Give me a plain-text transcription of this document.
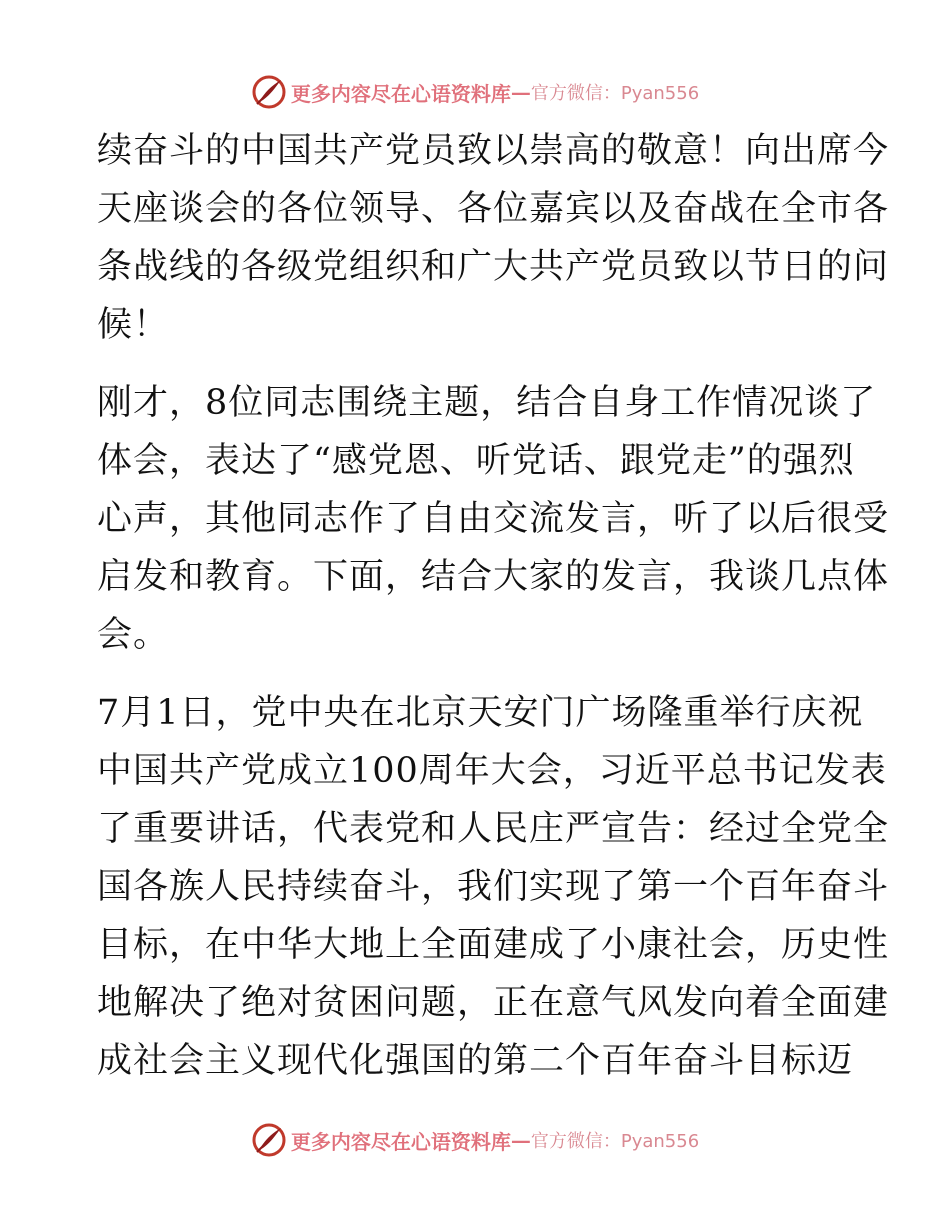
更多内容尽在心语资料库 — 官方微信：Pyan556
续奋斗的中国共产党员致以崇高的敬意！向出席今
天座谈会的各位领导、各位嘉宾以及奋战在全市各
条战线的各级党组织和广大共产党员致以节日的问
候！
刚才，8位同志围绕主题，结合自身工作情况谈了
体会，表达了“感党恩、听党话、跟党走”的强烈
心声，其他同志作了自由交流发言，听了以后很受
启发和教育。下面，结合大家的发言，我谈几点体
会。
7月1日，党中央在北京天安门广场隆重举行庆祝
中国共产党成立100周年大会，习近平总书记发表
了重要讲话，代表党和人民庄严宣告：经过全党全
国各族人民持续奋斗，我们实现了第一个百年奋斗
目标，在中华大地上全面建成了小康社会，历史性
地解决了绝对贫困问题，正在意气风发向着全面建
成社会主义现代化强国的第二个百年奋斗目标迈
更多内容尽在心语资料库 — 官方微信：Pyan556
